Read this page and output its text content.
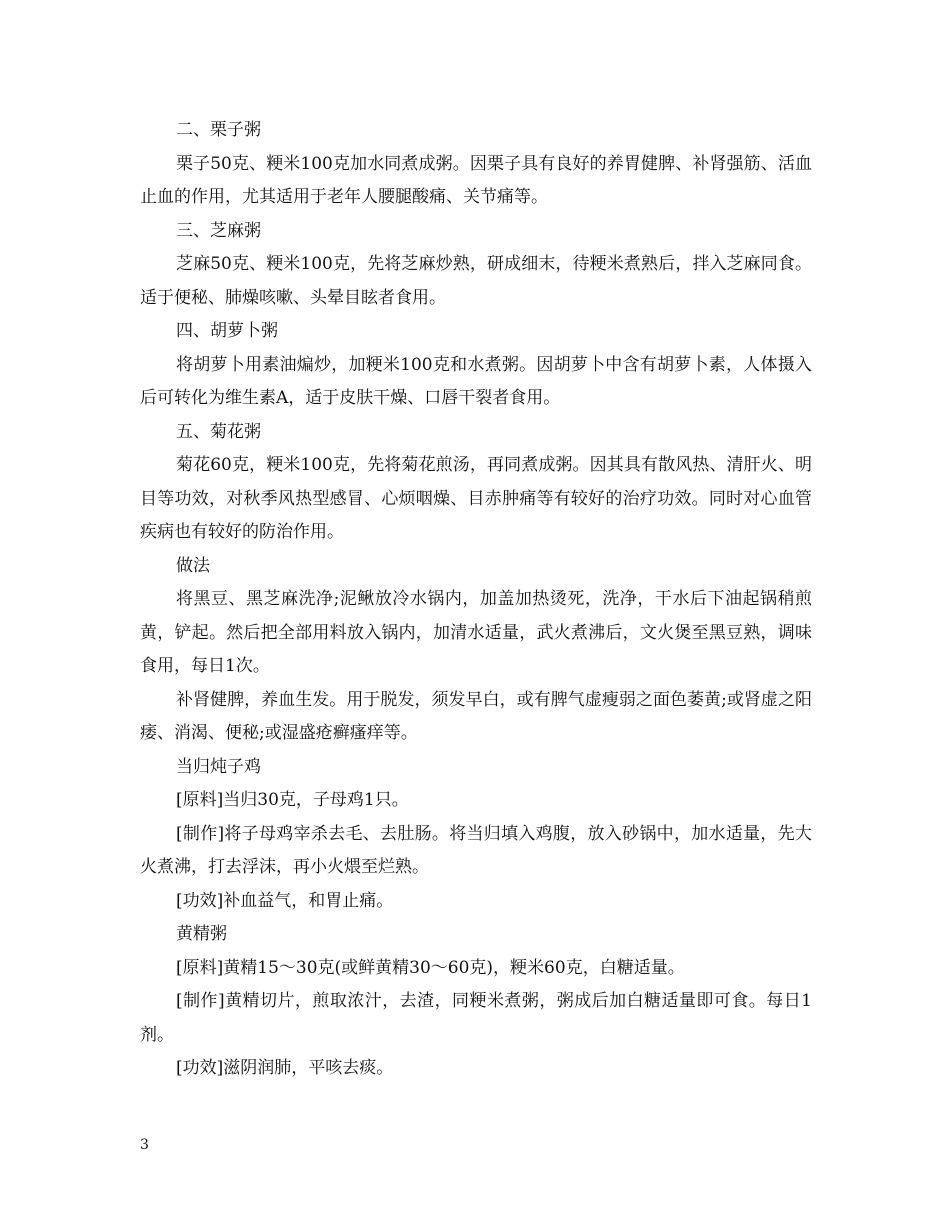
二、栗子粥

栗子50克、粳米100克加水同煮成粥。因栗子具有良好的养胃健脾、补肾强筋、活血止血的作用，尤其适用于老年人腰腿酸痛、关节痛等。

三、芝麻粥

芝麻50克、粳米100克，先将芝麻炒熟，研成细末，待粳米煮熟后，拌入芝麻同食。适于便秘、肺燥咳嗽、头晕目眩者食用。

四、胡萝卜粥

将胡萝卜用素油煸炒，加粳米100克和水煮粥。因胡萝卜中含有胡萝卜素，人体摄入后可转化为维生素A，适于皮肤干燥、口唇干裂者食用。

五、菊花粥

菊花60克，粳米100克，先将菊花煎汤，再同煮成粥。因其具有散风热、清肝火、明目等功效，对秋季风热型感冒、心烦咽燥、目赤肿痛等有较好的治疗功效。同时对心血管疾病也有较好的防治作用。

做法

将黑豆、黑芝麻洗净;泥鳅放冷水锅内，加盖加热烫死，洗净，干水后下油起锅稍煎黄，铲起。然后把全部用料放入锅内，加清水适量，武火煮沸后，文火煲至黑豆熟，调味食用，每日1次。

补肾健脾，养血生发。用于脱发，须发早白，或有脾气虚瘦弱之面色萎黄;或肾虚之阳痿、消渴、便秘;或湿盛疮癣瘙痒等。

当归炖子鸡

[原料]当归30克，子母鸡1只。

[制作]将子母鸡宰杀去毛、去肚肠。将当归填入鸡腹，放入砂锅中，加水适量，先大火煮沸，打去浮沫，再小火煨至烂熟。

[功效]补血益气，和胃止痛。

黄精粥

[原料]黄精15～30克(或鲜黄精30～60克)，粳米60克，白糖适量。

[制作]黄精切片，煎取浓汁，去渣，同粳米煮粥，粥成后加白糖适量即可食。每日1剂。

[功效]滋阴润肺，平咳去痰。

3
